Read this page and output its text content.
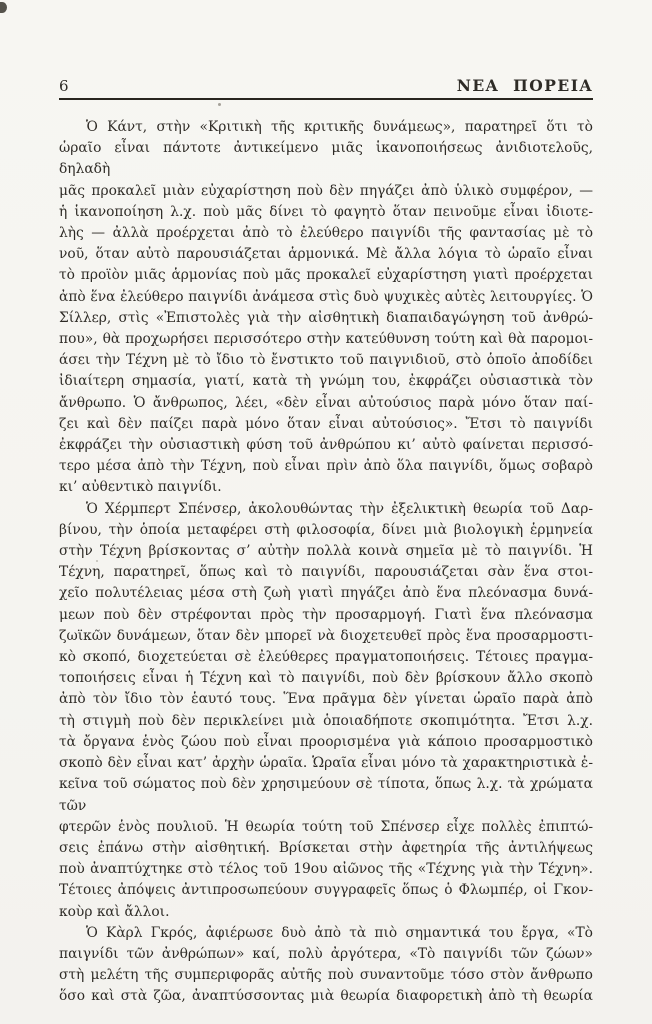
6	ΝΕΑ ΠΟΡΕΙΑ

Ὁ Κάντ, στὴν «Κριτικὴ τῆς κριτικῆς δυνάμεως», παρατηρεῖ ὅτι τὸ
ὡραῖο εἶναι πάντοτε ἀντικείμενο μιᾶς ἱκανοποιήσεως ἀνιδιοτελοῦς, δηλαδὴ
μᾶς προκαλεῖ μιὰν εὐχαρίστηση ποὺ δὲν πηγάζει ἀπὸ ὑλικὸ συμφέρον, —
ἡ ἱκανοποίηση λ.χ. ποὺ μᾶς δίνει τὸ φαγητὸ ὅταν πεινοῦμε εἶναι ἰδιοτε-
λὴς — ἀλλὰ προέρχεται ἀπὸ τὸ ἐλεύθερο παιγνίδι τῆς φαντασίας μὲ τὸ
νοῦ, ὅταν αὐτὸ παρουσιάζεται ἁρμονικά. Μὲ ἄλλα λόγια τὸ ὡραῖο εἶναι
τὸ προϊὸν μιᾶς ἁρμονίας ποὺ μᾶς προκαλεῖ εὐχαρίστηση γιατὶ προέρχεται
ἀπὸ ἕνα ἐλεύθερο παιγνίδι ἀνάμεσα στὶς δυὸ ψυχικὲς αὐτὲς λειτουργίες. Ὁ
Σίλλερ, στὶς «Ἐπιστολὲς γιὰ τὴν αἰσθητικὴ διαπαιδαγώγηση τοῦ ἀνθρώ-
που», θὰ προχωρήσει περισσότερο στὴν κατεύθυνση τούτη καὶ θὰ παρομοι-
άσει τὴν Τέχνη μὲ τὸ ἴδιο τὸ ἔνστικτο τοῦ παιγνιδιοῦ, στὸ ὁποῖο ἀποδίδει
ἰδιαίτερη σημασία, γιατί, κατὰ τὴ γνώμη του, ἐκφράζει οὐσιαστικὰ τὸν
ἄνθρωπο. Ὁ ἄνθρωπος, λέει, «δὲν εἶναι αὐτούσιος παρὰ μόνο ὅταν παί-
ζει καὶ δὲν παίζει παρὰ μόνο ὅταν εἶναι αὐτούσιος». Ἔτσι τὸ παιγνίδι
ἐκφράζει τὴν οὐσιαστικὴ φύση τοῦ ἀνθρώπου κι’ αὐτὸ φαίνεται περισσό-
τερο μέσα ἀπὸ τὴν Τέχνη, ποὺ εἶναι πρὶν ἀπὸ ὅλα παιγνίδι, ὅμως σοβαρὸ
κι’ αὐθεντικὸ παιγνίδι.

Ὁ Χέρμπερτ Σπένσερ, ἀκολουθώντας τὴν ἐξελικτικὴ θεωρία τοῦ Δαρ-
βίνου, τὴν ὁποία μεταφέρει στὴ φιλοσοφία, δίνει μιὰ βιολογικὴ ἑρμηνεία
στὴν Τέχνη βρίσκοντας σ’ αὐτὴν πολλὰ κοινὰ σημεῖα μὲ τὸ παιγνίδι. Ἡ
Τέχνη, παρατηρεῖ, ὅπως καὶ τὸ παιγνίδι, παρουσιάζεται σὰν ἕνα στοι-
χεῖο πολυτέλειας μέσα στὴ ζωὴ γιατὶ πηγάζει ἀπὸ ἕνα πλεόνασμα δυνά-
μεων ποὺ δὲν στρέφονται πρὸς τὴν προσαρμογή. Γιατὶ ἕνα πλεόνασμα
ζωϊκῶν δυνάμεων, ὅταν δὲν μπορεῖ νὰ διοχετευθεῖ πρὸς ἕνα προσαρμοστι-
κὸ σκοπό, διοχετεύεται σὲ ἐλεύθερες πραγματοποιήσεις. Τέτοιες πραγμα-
τοποιήσεις εἶναι ἡ Τέχνη καὶ τὸ παιγνίδι, ποὺ δὲν βρίσκουν ἄλλο σκοπὸ
ἀπὸ τὸν ἴδιο τὸν ἑαυτό τους. Ἕνα πρᾶγμα δὲν γίνεται ὡραῖο παρὰ ἀπὸ
τὴ στιγμὴ ποὺ δὲν περικλείνει μιὰ ὁποιαδήποτε σκοπιμότητα. Ἔτσι λ.χ.
τὰ ὄργανα ἑνὸς ζώου ποὺ εἶναι προορισμένα γιὰ κάποιο προσαρμοστικὸ
σκοπὸ δὲν εἶναι κατ’ ἀρχὴν ὡραῖα. Ὡραῖα εἶναι μόνο τὰ χαρακτηριστικὰ ἐ-
κεῖνα τοῦ σώματος ποὺ δὲν χρησιμεύουν σὲ τίποτα, ὅπως λ.χ. τὰ χρώματα τῶν
φτερῶν ἑνὸς πουλιοῦ. Ἡ θεωρία τούτη τοῦ Σπένσερ εἶχε πολλὲς ἐπιπτώ-
σεις ἐπάνω στὴν αἰσθητική. Βρίσκεται στὴν ἀφετηρία τῆς ἀντιλήψεως
ποὺ ἀναπτύχτηκε στὸ τέλος τοῦ 19ου αἰῶνος τῆς «Τέχνης γιὰ τὴν Τέχνη».
Τέτοιες ἀπόψεις ἀντιπροσωπεύουν συγγραφεῖς ὅπως ὁ Φλωμπέρ, οἱ Γκον-
κοὺρ καὶ ἄλλοι.

Ὁ Κὰρλ Γκρός, ἀφιέρωσε δυὸ ἀπὸ τὰ πιὸ σημαντικά του ἔργα, «Τὸ
παιγνίδι τῶν ἀνθρώπων» καί, πολὺ ἀργότερα, «Τὸ παιγνίδι τῶν ζώων»
στὴ μελέτη τῆς συμπεριφορᾶς αὐτῆς ποὺ συναντοῦμε τόσο στὸν ἄνθρωπο
ὅσο καὶ στὰ ζῶα, ἀναπτύσσοντας μιὰ θεωρία διαφορετικὴ ἀπὸ τὴ θεωρία
